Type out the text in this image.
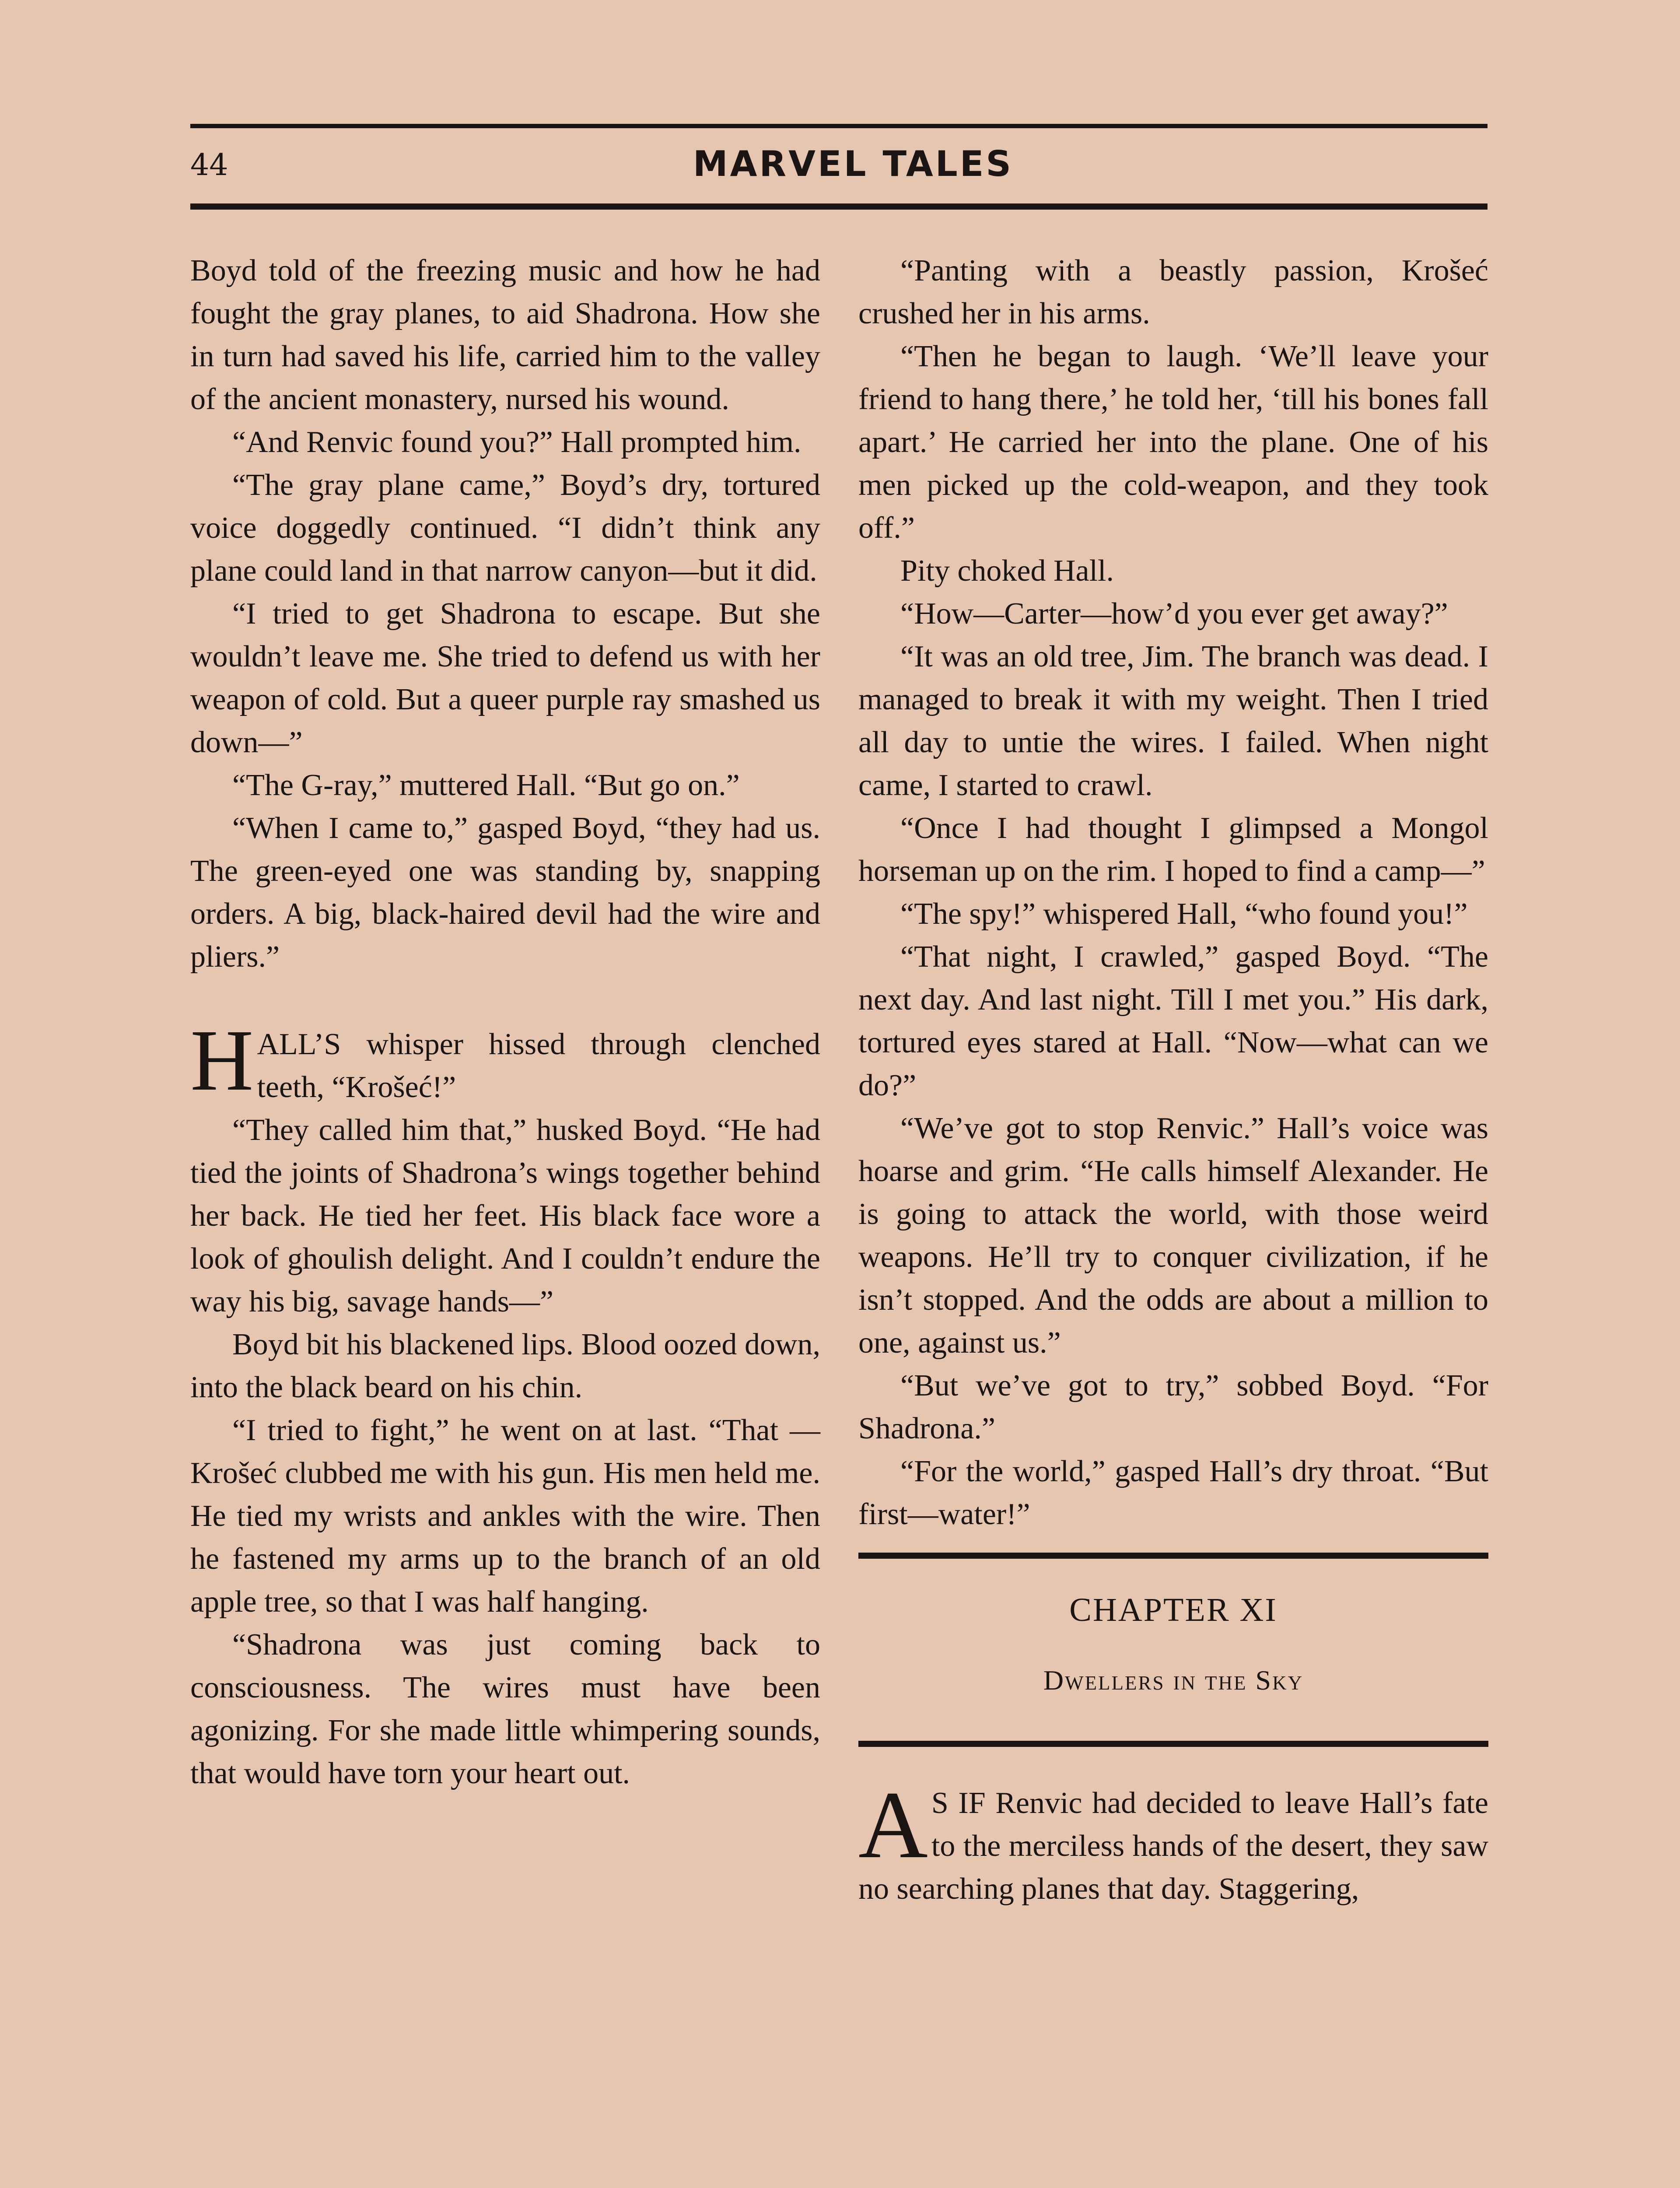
44	MARVEL TALES

Boyd told of the freezing music and how he had fought the gray planes, to aid Shadrona. How she in turn had saved his life, carried him to the valley of the ancient monastery, nursed his wound.

“And Renvic found you?” Hall prompted him.

“The gray plane came,” Boyd’s dry, tortured voice doggedly continued. “I didn’t think any plane could land in that narrow canyon—but it did.

“I tried to get Shadrona to escape. But she wouldn’t leave me. She tried to defend us with her weapon of cold. But a queer purple ray smashed us down—”

“The G-ray,” muttered Hall. “But go on.”

“When I came to,” gasped Boyd, “they had us. The green-eyed one was standing by, snapping orders. A big, black-haired devil had the wire and pliers.”

HALL’S whisper hissed through clenched teeth, “Krošeć!”

“They called him that,” husked Boyd. “He had tied the joints of Shadrona’s wings together behind her back. He tied her feet. His black face wore a look of ghoulish delight. And I couldn’t endure the way his big, savage hands—”

Boyd bit his blackened lips. Blood oozed down, into the black beard on his chin.

“I tried to fight,” he went on at last. “That — Krošeć clubbed me with his gun. His men held me. He tied my wrists and ankles with the wire. Then he fastened my arms up to the branch of an old apple tree, so that I was half hanging.

“Shadrona was just coming back to consciousness. The wires must have been agonizing. For she made little whimpering sounds, that would have torn your heart out.

“Panting with a beastly passion, Krošeć crushed her in his arms.

“Then he began to laugh. ‘We’ll leave your friend to hang there,’ he told her, ‘till his bones fall apart.’ He carried her into the plane. One of his men picked up the cold-weapon, and they took off.”

Pity choked Hall.

“How—Carter—how’d you ever get away?”

“It was an old tree, Jim. The branch was dead. I managed to break it with my weight. Then I tried all day to untie the wires. I failed. When night came, I started to crawl.

“Once I had thought I glimpsed a Mongol horseman up on the rim. I hoped to find a camp—”

“The spy!” whispered Hall, “who found you!”

“That night, I crawled,” gasped Boyd. “The next day. And last night. Till I met you.” His dark, tortured eyes stared at Hall. “Now—what can we do?”

“We’ve got to stop Renvic.” Hall’s voice was hoarse and grim. “He calls himself Alexander. He is going to attack the world, with those weird weapons. He’ll try to conquer civilization, if he isn’t stopped. And the odds are about a million to one, against us.”

“But we’ve got to try,” sobbed Boyd. “For Shadrona.”

“For the world,” gasped Hall’s dry throat. “But first—water!”

CHAPTER XI
Dwellers in the Sky

A S IF Renvic had decided to leave Hall’s fate to the merciless hands of the desert, they saw no searching planes that day. Staggering,
